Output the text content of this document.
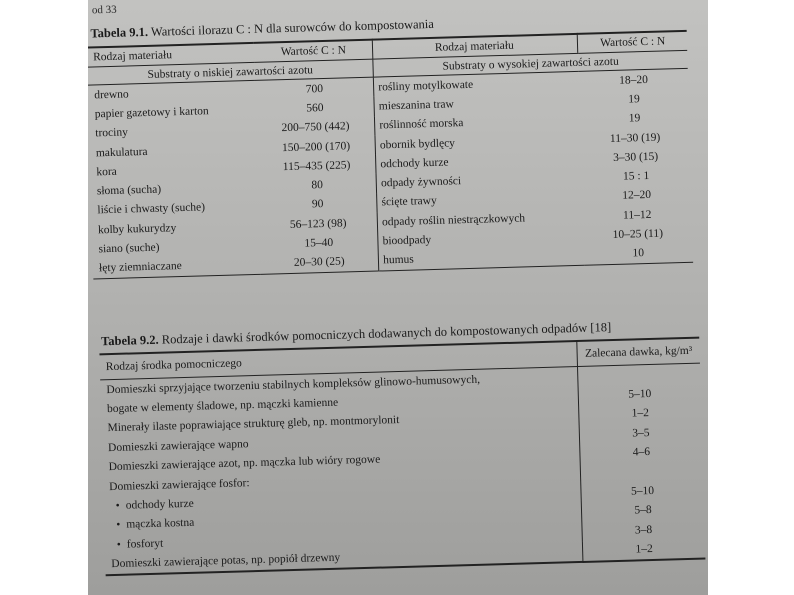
od 33

Tabela 9.1. Wartości ilorazu C : N dla surowców do kompostowania
Rodzaj materiału	Wartość C : N	Rodzaj materiału	Wartość C : N
Substraty o niskiej zawartości azotu		Substraty o wysokiej zawartości azotu	
drewno	700	rośliny motylkowate	18–20
papier gazetowy i karton	560	mieszanina traw	19
trociny	200–750 (442)	roślinność morska	19
makulatura	150–200 (170)	obornik bydlęcy	11–30 (19)
kora	115–435 (225)	odchody kurze	3–30 (15)
słoma (sucha)	80	odpady żywności	15 : 1
liście i chwasty (suche)	90	ścięte trawy	12–20
kolby kukurydzy	56–123 (98)	odpady roślin niestrączkowych	11–12
siano (suche)	15–40	bioodpady	10–25 (11)
łęty ziemniaczane	20–30 (25)	humus	10
Tabela 9.2. Rodzaje i dawki środków pomocniczych dodawanych do kompostowanych odpadów [18]
Rodzaj środka pomocniczego	Zalecana dawka, kg/m³
Domieszki sprzyjające tworzeniu stabilnych kompleksów glinowo-humusowych,	
bogate w elementy śladowe, np. mączki kamienne	5–10
Minerały ilaste poprawiające strukturę gleb, np. montmorylonit	1–2
Domieszki zawierające wapno	3–5
Domieszki zawierające azot, np. mączka lub wióry rogowe	4–6
Domieszki zawierające fosfor:	
• odchody kurze	5–10
• mączka kostna	5–8
• fosforyt	3–8
Domieszki zawierające potas, np. popiół drzewny	1–2
